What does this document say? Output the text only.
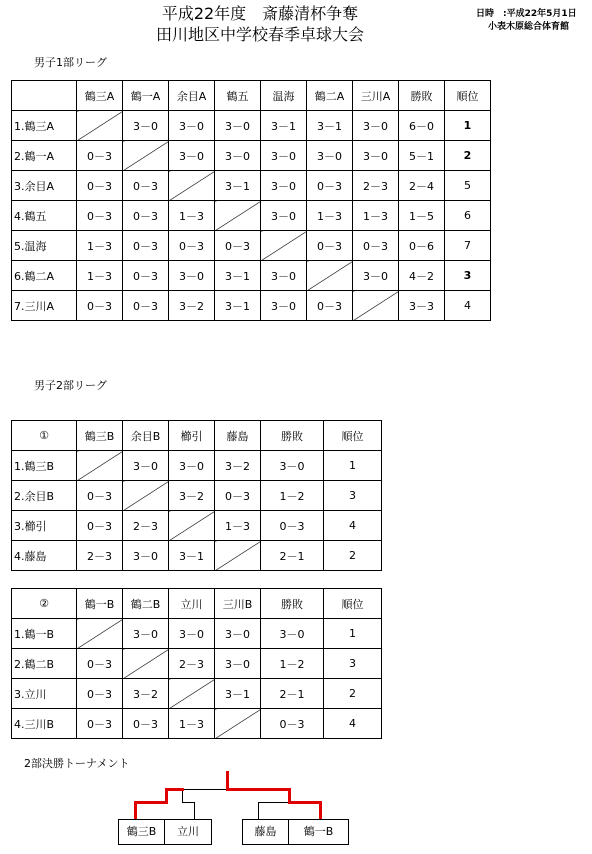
平成22年度　斎藤清杯争奪
田川地区中学校春季卓球大会
日時　:平成22年5月1日
小表木原総合体育館
男子1部リーグ
	鶴三A	鶴一A	余目A	鶴五	温海	鶴二A	三川A	勝敗	順位
1.鶴三A		3－0	3－0	3－0	3－1	3－1	3－0	6－0	1
2.鶴一A	0－3		3－0	3－0	3－0	3－0	3－0	5－1	2
3.余目A	0－3	0－3		3－1	3－0	0－3	2－3	2－4	5
4.鶴五	0－3	0－3	1－3		3－0	1－3	1－3	1－5	6
5.温海	1－3	0－3	0－3	0－3		0－3	0－3	0－6	7
6.鶴二A	1－3	0－3	3－0	3－1	3－0		3－0	4－2	3
7.三川A	0－3	0－3	3－2	3－1	3－0	0－3		3－3	4
男子2部リーグ
①	鶴三B	余目B	櫛引	藤島	勝敗	順位
1.鶴三B		3－0	3－0	3－2	3－0	1
2.余目B	0－3		3－2	0－3	1－2	3
3.櫛引	0－3	2－3		1－3	0－3	4
4.藤島	2－3	3－0	3－1		2－1	2
②	鶴一B	鶴二B	立川	三川B	勝敗	順位
1.鶴一B		3－0	3－0	3－0	3－0	1
2.鶴二B	0－3		2－3	3－0	1－2	3
3.立川	0－3	3－2		3－1	2－1	2
4.三川B	0－3	0－3	1－3		0－3	4
2部決勝トーナメント
鶴三B	立川	藤島	鶴一B
